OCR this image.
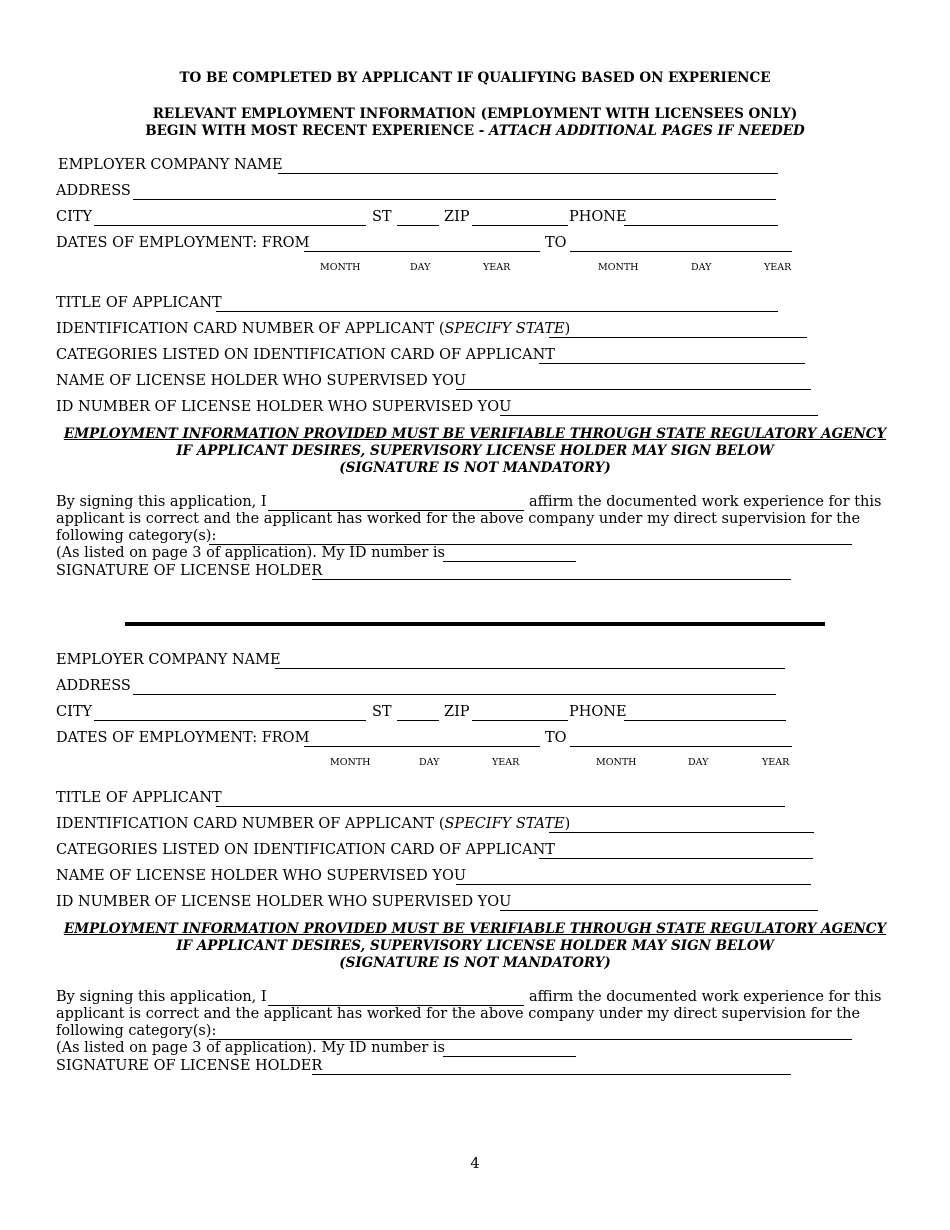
TO BE COMPLETED BY APPLICANT IF QUALIFYING BASED ON EXPERIENCE
RELEVANT EMPLOYMENT INFORMATION (EMPLOYMENT WITH LICENSEES ONLY)
BEGIN WITH MOST RECENT EXPERIENCE - ATTACH ADDITIONAL PAGES IF NEEDED
EMPLOYER COMPANY NAME
ADDRESS
CITY	ST	ZIP	PHONE
DATES OF EMPLOYMENT: FROM	TO
MONTH	DAY	YEAR	MONTH	DAY	YEAR
TITLE OF APPLICANT
IDENTIFICATION CARD NUMBER OF APPLICANT (SPECIFY STATE)
CATEGORIES LISTED ON IDENTIFICATION CARD OF APPLICANT
NAME OF LICENSE HOLDER WHO SUPERVISED YOU
ID NUMBER OF LICENSE HOLDER WHO SUPERVISED YOU
EMPLOYMENT INFORMATION PROVIDED MUST BE VERIFIABLE THROUGH STATE REGULATORY AGENCY
IF APPLICANT DESIRES, SUPERVISORY LICENSE HOLDER MAY SIGN BELOW
(SIGNATURE IS NOT MANDATORY)
By signing this application, I	affirm the documented work experience for this
applicant is correct and the applicant has worked for the above company under my direct supervision for the
following category(s):
(As listed on page 3 of application). My ID number is
SIGNATURE OF LICENSE HOLDER
EMPLOYER COMPANY NAME
ADDRESS
CITY	ST	ZIP	PHONE
DATES OF EMPLOYMENT: FROM	TO
MONTH	DAY	YEAR	MONTH	DAY	YEAR
TITLE OF APPLICANT
IDENTIFICATION CARD NUMBER OF APPLICANT (SPECIFY STATE)
CATEGORIES LISTED ON IDENTIFICATION CARD OF APPLICANT
NAME OF LICENSE HOLDER WHO SUPERVISED YOU
ID NUMBER OF LICENSE HOLDER WHO SUPERVISED YOU
EMPLOYMENT INFORMATION PROVIDED MUST BE VERIFIABLE THROUGH STATE REGULATORY AGENCY
IF APPLICANT DESIRES, SUPERVISORY LICENSE HOLDER MAY SIGN BELOW
(SIGNATURE IS NOT MANDATORY)
By signing this application, I	affirm the documented work experience for this
applicant is correct and the applicant has worked for the above company under my direct supervision for the
following category(s):
(As listed on page 3 of application). My ID number is
SIGNATURE OF LICENSE HOLDER
4
